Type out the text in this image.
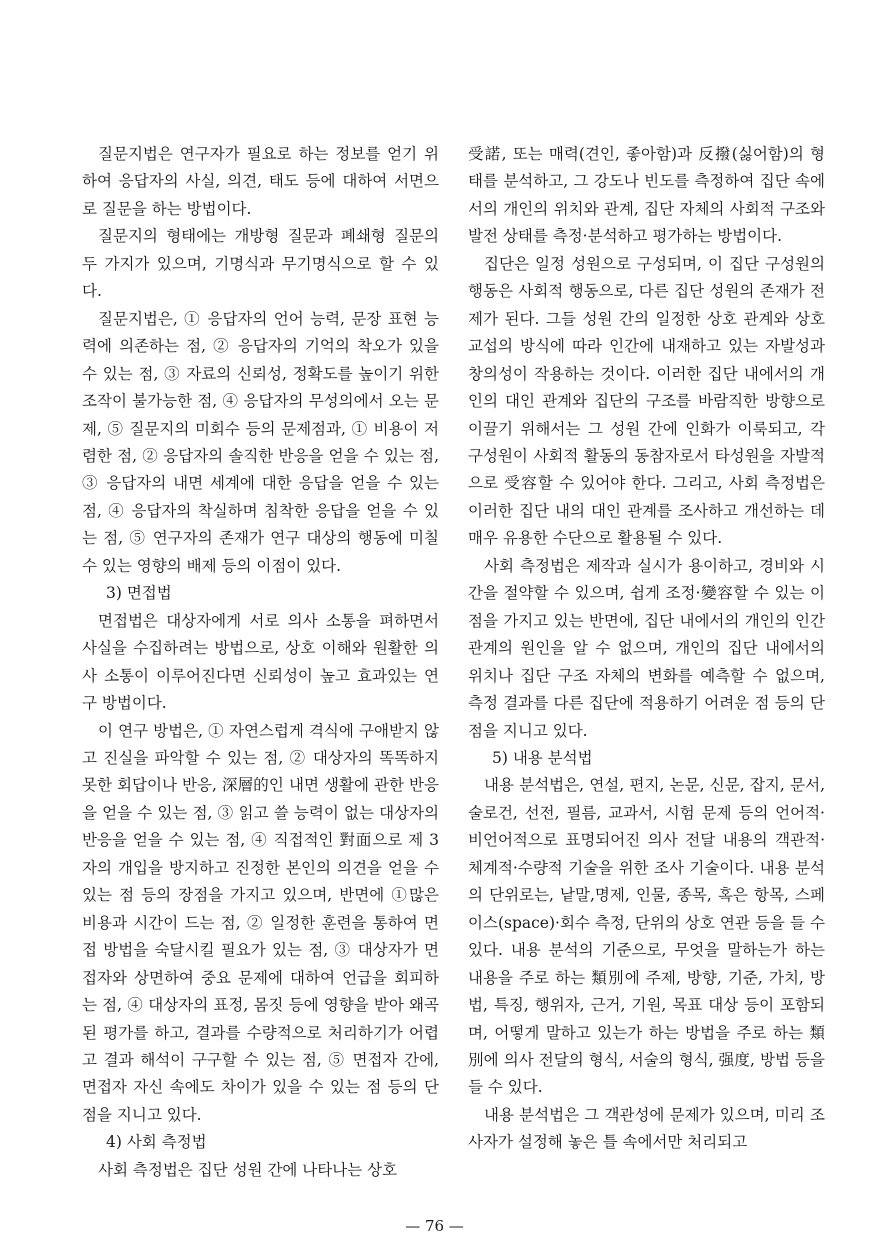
질문지법은 연구자가 필요로 하는 정보를 얻기 위하여 응답자의 사실, 의견, 태도 등에 대하여 서면으로 질문을 하는 방법이다.

질문지의 형태에는 개방형 질문과 폐쇄형 질문의 두 가지가 있으며, 기명식과 무기명식으로 할 수 있다.

질문지법은, ① 응답자의 언어 능력, 문장 표현 능력에 의존하는 점, ② 응답자의 기억의 착오가 있을 수 있는 점, ③ 자료의 신뢰성, 정확도를 높이기 위한 조작이 불가능한 점, ④ 응답자의 무성의에서 오는 문제, ⑤ 질문지의 미회수 등의 문제점과, ① 비용이 저렴한 점, ② 응답자의 솔직한 반응을 얻을 수 있는 점, ③ 응답자의 내면 세계에 대한 응답을 얻을 수 있는 점, ④ 응답자의 착실하며 침착한 응답을 얻을 수 있는 점, ⑤ 연구자의 존재가 연구 대상의 행동에 미칠 수 있는 영향의 배제 등의 이점이 있다.

3) 면접법

면접법은 대상자에게 서로 의사 소통을 펴하면서 사실을 수집하려는 방법으로, 상호 이해와 원활한 의사 소통이 이루어진다면 신뢰성이 높고 효과있는 연구 방법이다.

이 연구 방법은, ① 자연스럽게 격식에 구애받지 않고 진실을 파악할 수 있는 점, ② 대상자의 똑똑하지 못한 회답이나 반응, 深層的인 내면 생활에 관한 반응을 얻을 수 있는 점, ③ 읽고 쓸 능력이 없는 대상자의 반응을 얻을 수 있는 점, ④ 직접적인 對面으로 제 3자의 개입을 방지하고 진정한 본인의 의견을 얻을 수 있는 점 등의 장점을 가지고 있으며, 반면에 ①많은 비용과 시간이 드는 점, ② 일정한 훈련을 통하여 면접 방법을 숙달시킬 필요가 있는 점, ③ 대상자가 면접자와 상면하여 중요 문제에 대하여 언급을 회피하는 점, ④ 대상자의 표정, 몸짓 등에 영향을 받아 왜곡된 평가를 하고, 결과를 수량적으로 처리하기가 어렵고 결과 해석이 구구할 수 있는 점, ⑤ 면접자 간에, 면접자 자신 속에도 차이가 있을 수 있는 점 등의 단점을 지니고 있다.

4) 사회 측정법

사회 측정법은 집단 성원 간에 나타나는 상호

受諾, 또는 매력(견인, 좋아함)과 反撥(싫어함)의 형태를 분석하고, 그 강도나 빈도를 측정하여 집단 속에서의 개인의 위치와 관계, 집단 자체의 사회적 구조와 발전 상태를 측정·분석하고 평가하는 방법이다.

집단은 일정 성원으로 구성되며, 이 집단 구성원의 행동은 사회적 행동으로, 다른 집단 성원의 존재가 전제가 된다. 그들 성원 간의 일정한 상호 관계와 상호 교섭의 방식에 따라 인간에 내재하고 있는 자발성과 창의성이 작용하는 것이다. 이러한 집단 내에서의 개인의 대인 관계와 집단의 구조를 바람직한 방향으로 이끌기 위해서는 그 성원 간에 인화가 이룩되고, 각 구성원이 사회적 활동의 동참자로서 타성원을 자발적으로 受容할 수 있어야 한다. 그리고, 사회 측정법은 이러한 집단 내의 대인 관계를 조사하고 개선하는 데 매우 유용한 수단으로 활용될 수 있다.

사회 측정법은 제작과 실시가 용이하고, 경비와 시간을 절약할 수 있으며, 쉽게 조정·變容할 수 있는 이점을 가지고 있는 반면에, 집단 내에서의 개인의 인간 관계의 원인을 알 수 없으며, 개인의 집단 내에서의 위치나 집단 구조 자체의 변화를 예측할 수 없으며, 측정 결과를 다른 집단에 적용하기 어려운 점 등의 단점을 지니고 있다.

5) 내용 분석법

내용 분석법은, 연설, 편지, 논문, 신문, 잡지, 문서, 술로건, 선전, 필름, 교과서, 시험 문제 등의 언어적·비언어적으로 표명되어진 의사 전달 내용의 객관적·체계적·수량적 기술을 위한 조사 기술이다. 내용 분석의 단위로는, 낱말,명제, 인물, 종목, 혹은 항목, 스페이스(space)·회수 측정, 단위의 상호 연관 등을 들 수 있다. 내용 분석의 기준으로, 무엇을 말하는가 하는 내용을 주로 하는 類別에 주제, 방향, 기준, 가치, 방법, 특징, 행위자, 근거, 기원, 목표 대상 등이 포함되며, 어떻게 말하고 있는가 하는 방법을 주로 하는 類別에 의사 전달의 형식, 서술의 형식, 强度, 방법 등을 들 수 있다.

내용 분석법은 그 객관성에 문제가 있으며, 미리 조사자가 설정해 놓은 틀 속에서만 처리되고

— 76 —
